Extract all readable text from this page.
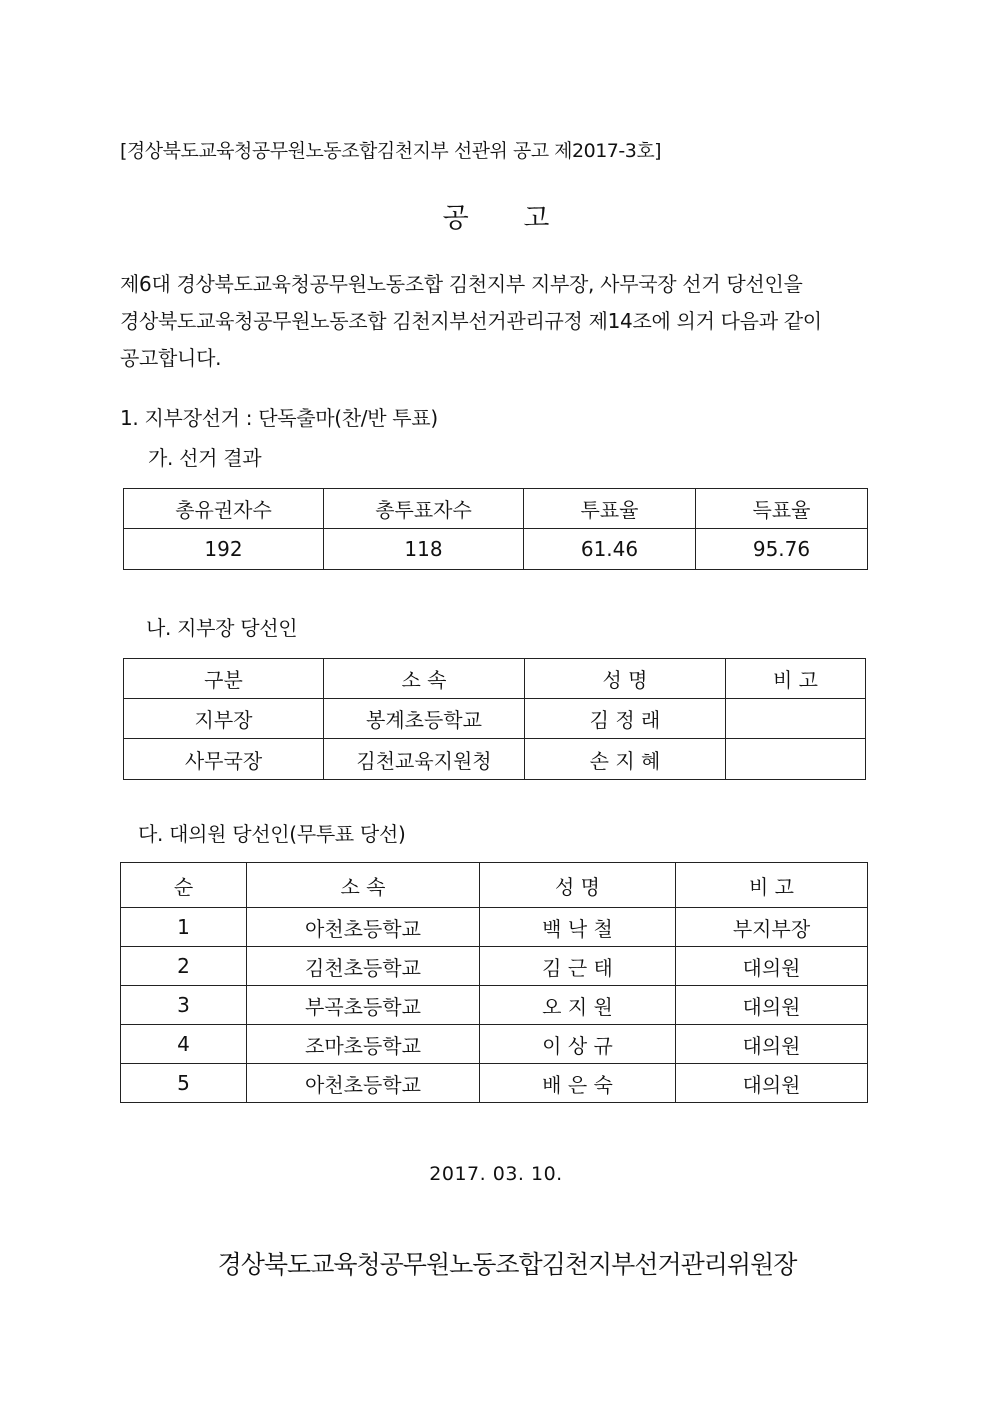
[경상북도교육청공무원노동조합김천지부 선관위 공고 제2017-3호]
공 고
제6대 경상북도교육청공무원노동조합 김천지부 지부장, 사무국장 선거 당선인을
경상북도교육청공무원노동조합 김천지부선거관리규정 제14조에 의거 다음과 같이
공고합니다.
1. 지부장선거 : 단독출마(찬/반 투표)
가. 선거 결과
총유권자수	총투표자수	투표율	득표율
192	118	61.46	95.76
나. 지부장 당선인
구분	소 속	성 명	비 고
지부장	봉계초등학교	김 정 래	
사무국장	김천교육지원청	손 지 혜	
다. 대의원 당선인(무투표 당선)
순	소 속	성 명	비 고
1	아천초등학교	백 낙 철	부지부장
2	김천초등학교	김 근 태	대의원
3	부곡초등학교	오 지 원	대의원
4	조마초등학교	이 상 규	대의원
5	아천초등학교	배 은 숙	대의원
2017. 03. 10.
경상북도교육청공무원노동조합김천지부선거관리위원장
